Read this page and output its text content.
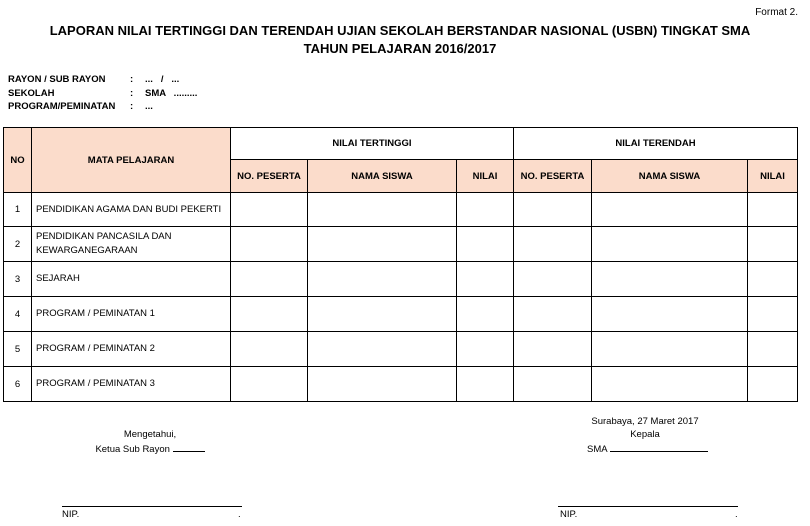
Format 2.
LAPORAN NILAI TERTINGGI DAN TERENDAH UJIAN SEKOLAH BERSTANDAR NASIONAL (USBN) TINGKAT SMA
TAHUN PELAJARAN 2016/2017
RAYON / SUB RAYON	:	...   /   ...
SEKOLAH	:	SMA   .........
PROGRAM/PEMINATAN	:	...
NO	MATA PELAJARAN	NILAI TERTINGGI			NILAI TERENDAH		
		NO. PESERTA	NAMA SISWA	NILAI	NO. PESERTA	NAMA SISWA	NILAI
1	PENDIDIKAN AGAMA DAN BUDI PEKERTI						
2	PENDIDIKAN PANCASILA DAN
KEWARGANEGARAAN						

3	SEJARAH						
4	PROGRAM / PEMINATAN 1						
5	PROGRAM / PEMINATAN 2						
6	PROGRAM / PEMINATAN 3						
Mengetahui,
Ketua Sub Rayon
Surabaya, 27 Maret 2017
Kepala
SMA
NIP.	.	NIP.	.
